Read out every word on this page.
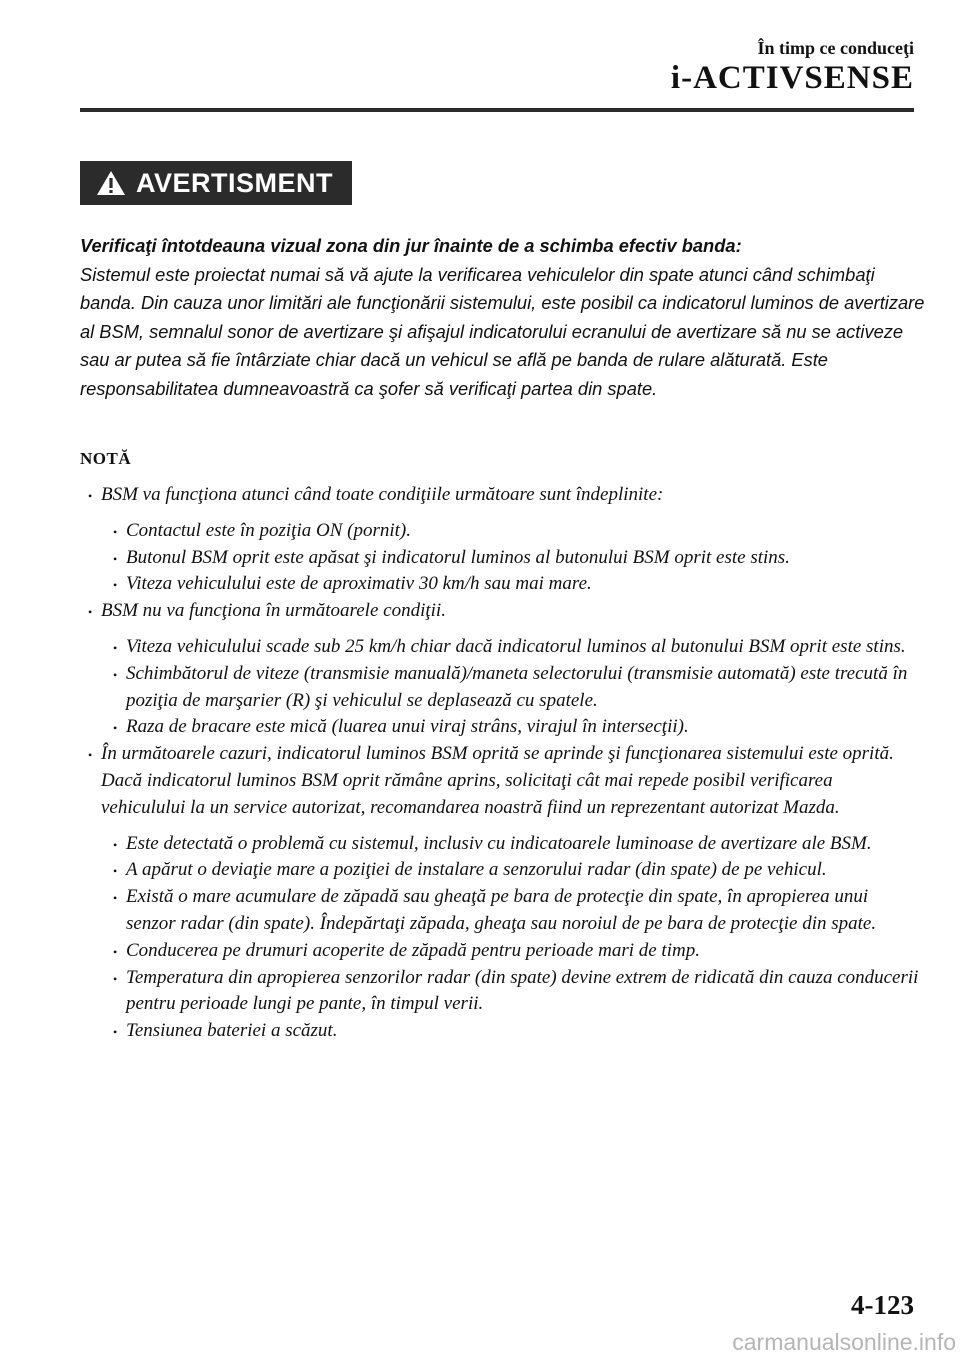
În timp ce conduceţi
i-ACTIVSENSE
AVERTISMENT
Verificaţi întotdeauna vizual zona din jur înainte de a schimba efectiv banda:
Sistemul este proiectat numai să vă ajute la verificarea vehiculelor din spate atunci când schimbaţi banda. Din cauza unor limitări ale funcţionării sistemului, este posibil ca indicatorul luminos de avertizare al BSM, semnalul sonor de avertizare şi afişajul indicatorului ecranului de avertizare să nu se activeze sau ar putea să fie întârziate chiar dacă un vehicul se află pe banda de rulare alăturată. Este responsabilitatea dumneavoastră ca şofer să verificaţi partea din spate.
NOTĂ

• BSM va funcţiona atunci când toate condiţiile următoare sunt îndeplinite:

• Contactul este în poziţia ON (pornit).

• Butonul BSM oprit este apăsat şi indicatorul luminos al butonului BSM oprit este stins.

• Viteza vehiculului este de aproximativ 30 km/h sau mai mare.

• BSM nu va funcţiona în următoarele condiţii.

• Viteza vehiculului scade sub 25 km/h chiar dacă indicatorul luminos al butonului BSM oprit este stins.

• Schimbătorul de viteze (transmisie manuală)/maneta selectorului (transmisie automată) este trecută în poziţia de marşarier (R) şi vehiculul se deplasează cu spatele.

• Raza de bracare este mică (luarea unui viraj strâns, virajul în intersecţii).

• În următoarele cazuri, indicatorul luminos BSM oprită se aprinde şi funcţionarea sistemului este oprită. Dacă indicatorul luminos BSM oprit rămâne aprins, solicitaţi cât mai repede posibil verificarea vehiculului la un service autorizat, recomandarea noastră fiind un reprezentant autorizat Mazda.

• Este detectată o problemă cu sistemul, inclusiv cu indicatoarele luminoase de avertizare ale BSM.

• A apărut o deviaţie mare a poziţiei de instalare a senzorului radar (din spate) de pe vehicul.

• Există o mare acumulare de zăpadă sau gheaţă pe bara de protecţie din spate, în apropierea unui senzor radar (din spate). Îndepărtaţi zăpada, gheaţa sau noroiul de pe bara de protecţie din spate.

• Conducerea pe drumuri acoperite de zăpadă pentru perioade mari de timp.

• Temperatura din apropierea senzorilor radar (din spate) devine extrem de ridicată din cauza conducerii pentru perioade lungi pe pante, în timpul verii.

• Tensiunea bateriei a scăzut.

4-123
carmanualsonline.info
